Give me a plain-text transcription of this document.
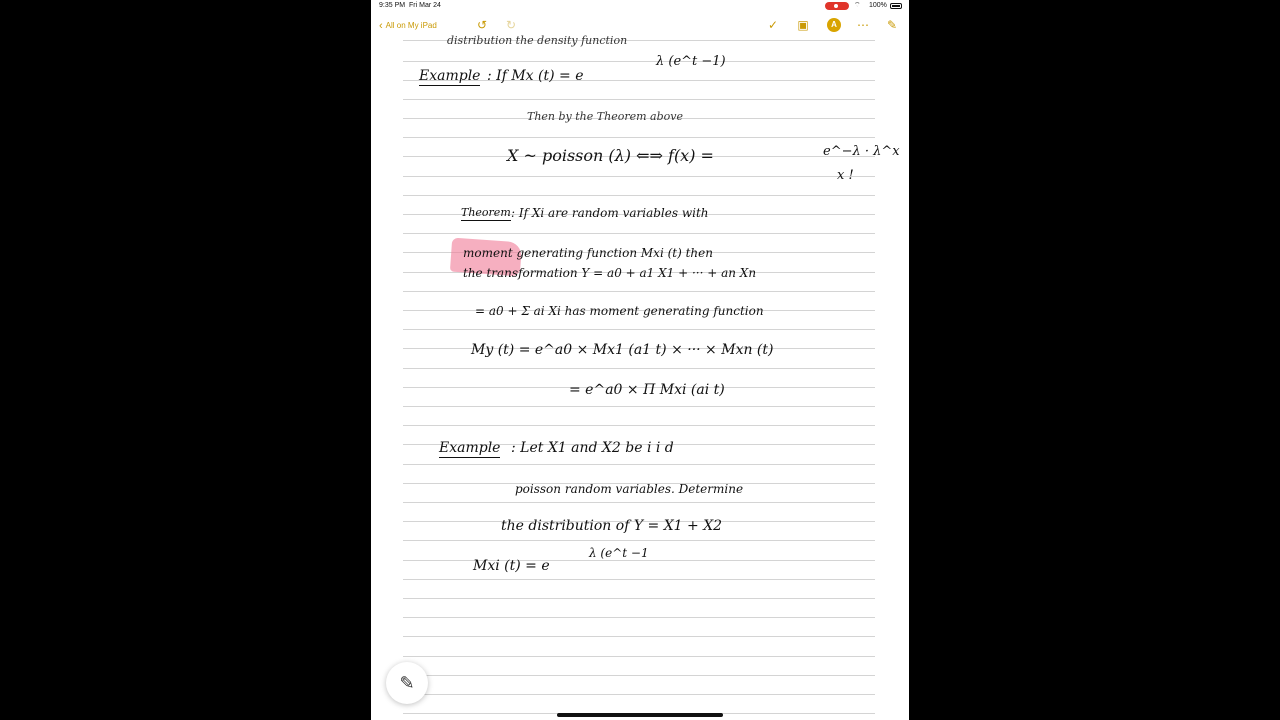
9:35 PM Fri Mar 24	⌔ 100%
‹ All on My iPad	↺ ↻	✓ ▣	A	⋯ ✎
distribution the density function
Example : If Mx (t) = e
λ (e^t −1)
Then by the Theorem above
X ~ poisson (λ) ⇐⇒ f(x) =	e^−λ · λ^x
x !
Theorem : If Xi are random variables with
moment generating function Mxi (t) then
the transformation Y = a0 + a1 X1 + ··· + an Xn
= a0 + Σ ai Xi has moment generating function
My (t) = e^a0 × Mx1 (a1 t) × ··· × Mxn (t)
= e^a0 × Π Mxi (ai t)
Example : Let X1 and X2 be i i d
poisson random variables. Determine
the distribution of Y = X1 + X2
Mxi (t) = e
λ (e^t −1
✎
